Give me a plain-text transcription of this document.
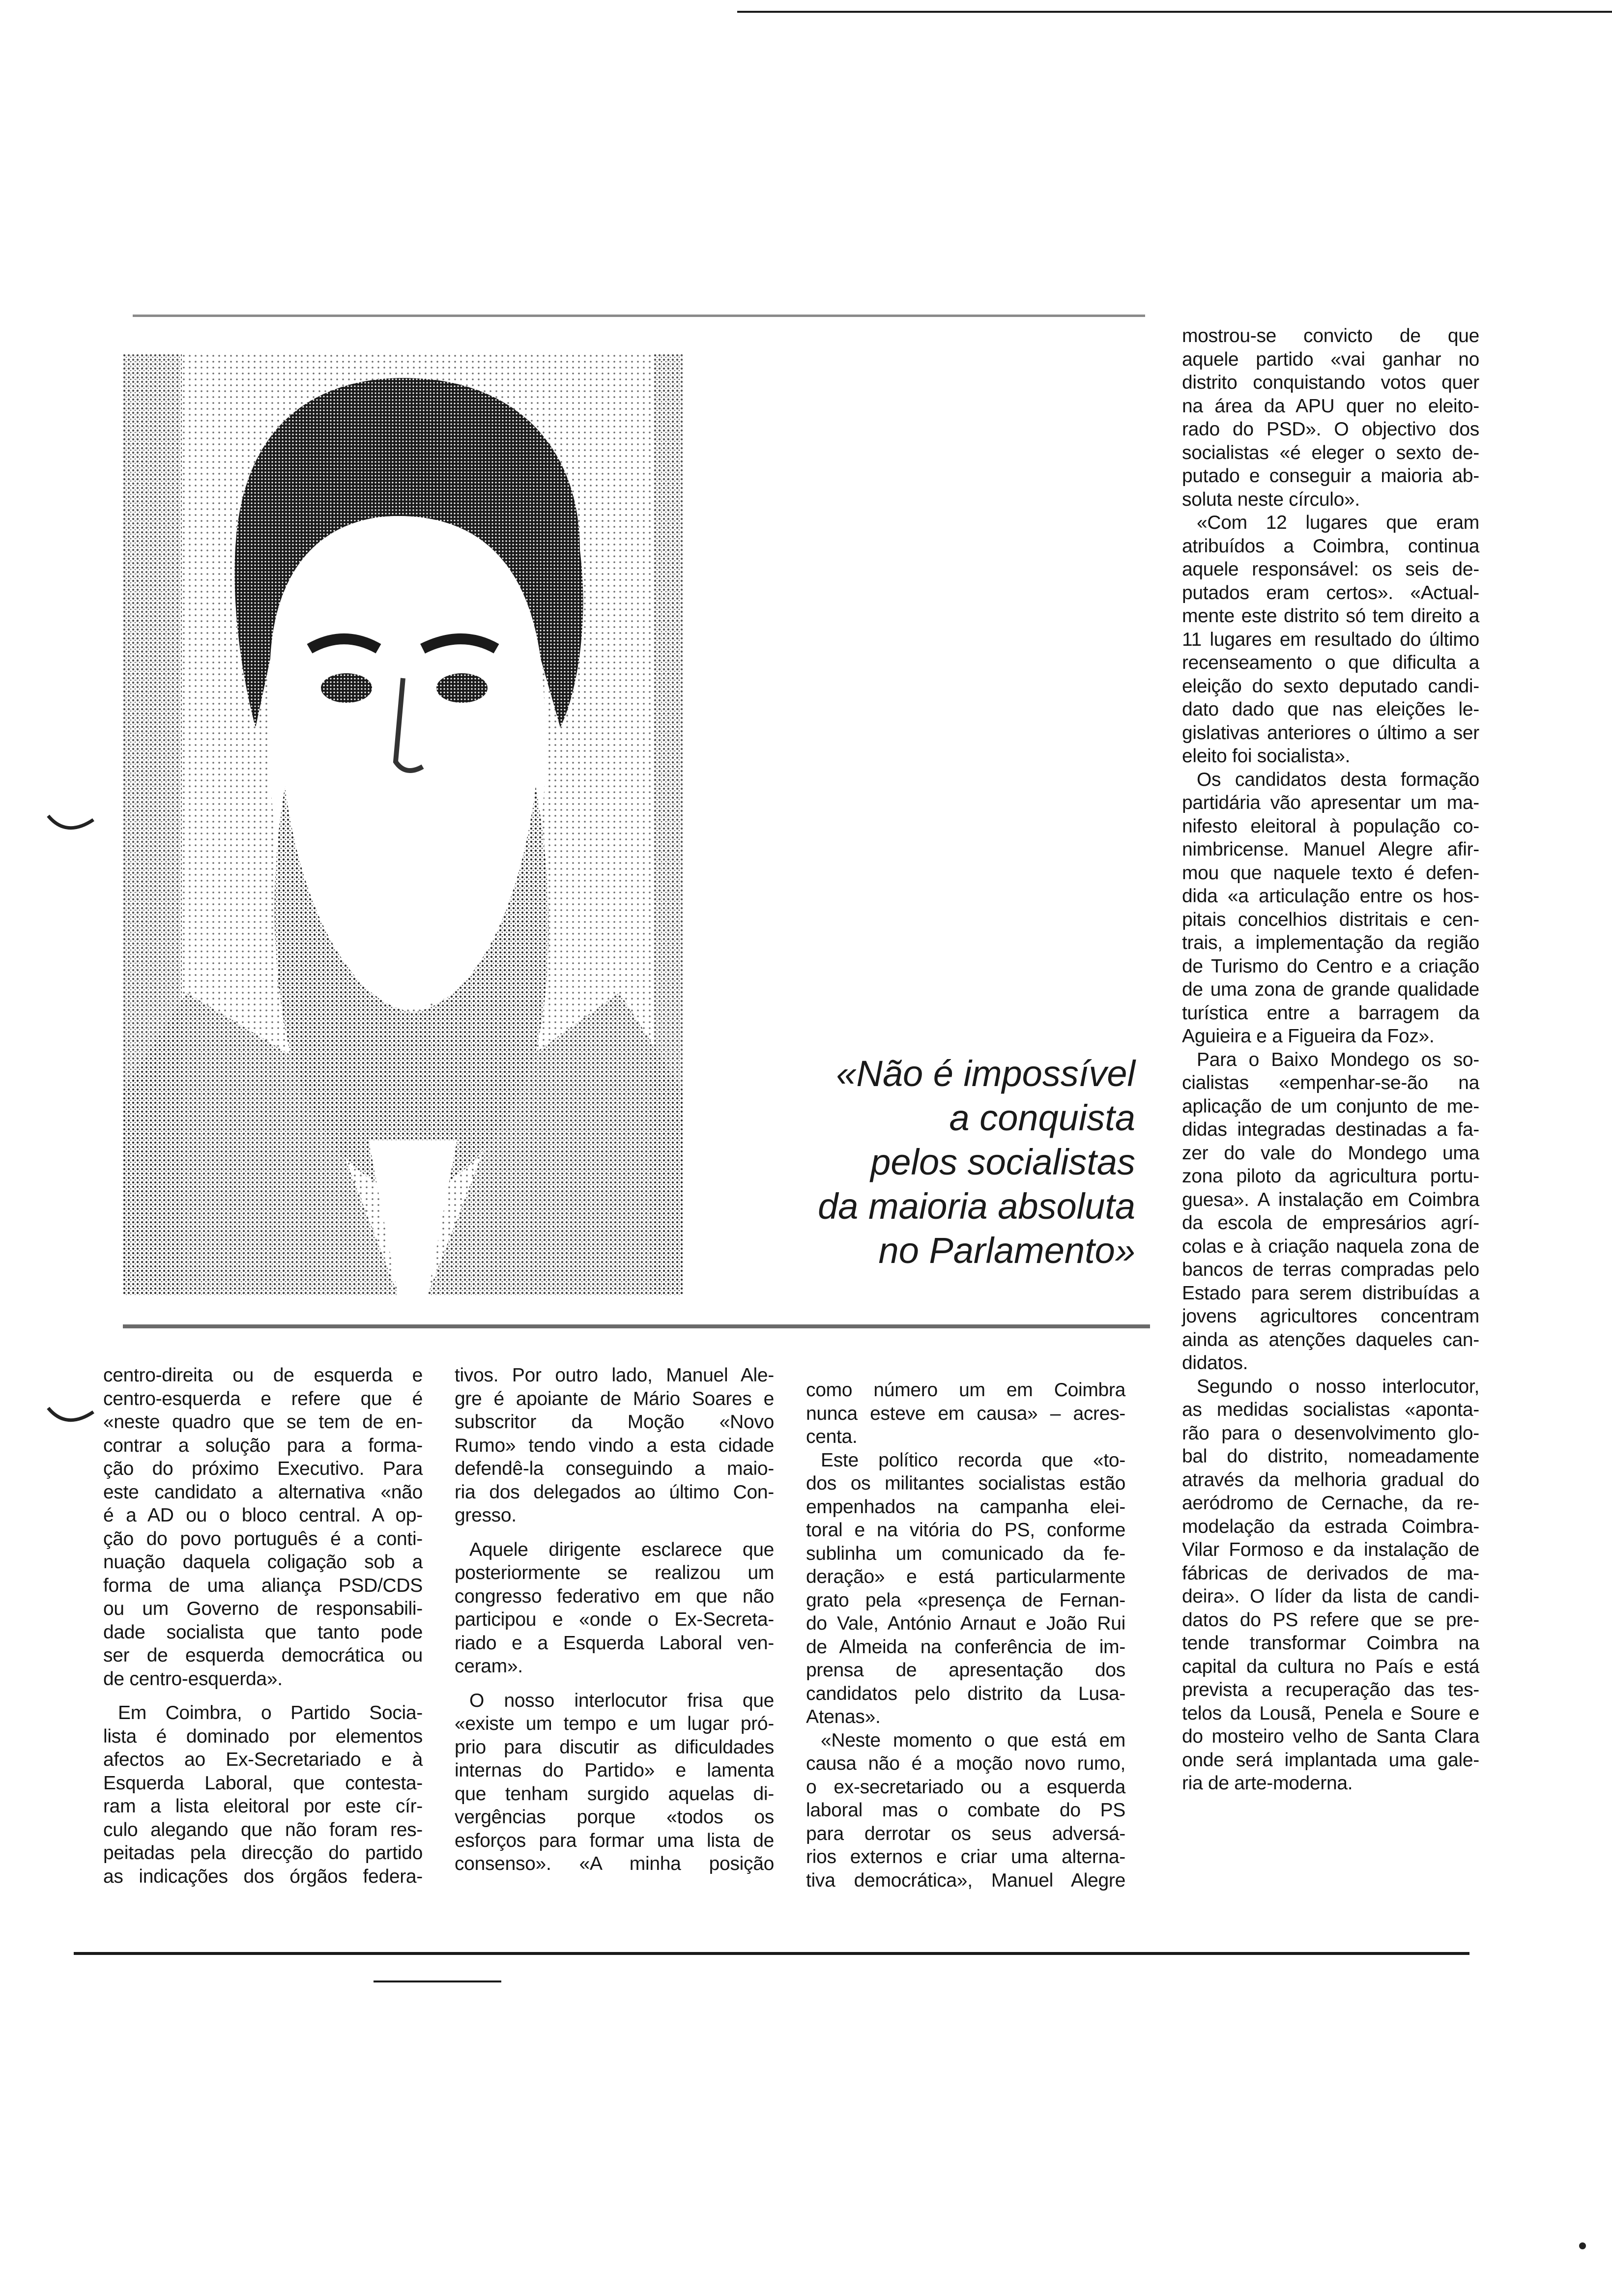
«Não é impossível
a conquista
pelos socialistas
da maioria absoluta
no Parlamento»
mostrou-se convicto de que
aquele partido «vai ganhar no
distrito conquistando votos quer
na área da APU quer no eleito-
rado do PSD». O objectivo dos
socialistas «é eleger o sexto de-
putado e conseguir a maioria ab-
soluta neste círculo».
«Com 12 lugares que eram
atribuídos a Coimbra, continua
aquele responsável: os seis de-
putados eram certos». «Actual-
mente este distrito só tem direito a
11 lugares em resultado do último
recenseamento o que dificulta a
eleição do sexto deputado candi-
dato dado que nas eleições le-
gislativas anteriores o último a ser
eleito foi socialista».
Os candidatos desta formação
partidária vão apresentar um ma-
nifesto eleitoral à população co-
nimbricense. Manuel Alegre afir-
mou que naquele texto é defen-
dida «a articulação entre os hos-
pitais concelhios distritais e cen-
trais, a implementação da região
de Turismo do Centro e a criação
de uma zona de grande qualidade
turística entre a barragem da
Aguieira e a Figueira da Foz».
Para o Baixo Mondego os so-
cialistas «empenhar-se-ão na
aplicação de um conjunto de me-
didas integradas destinadas a fa-
zer do vale do Mondego uma
zona piloto da agricultura portu-
guesa». A instalação em Coimbra
da escola de empresários agrí-
colas e à criação naquela zona de
bancos de terras compradas pelo
Estado para serem distribuídas a
jovens agricultores concentram
ainda as atenções daqueles can-
didatos.
Segundo o nosso interlocutor,
as medidas socialistas «aponta-
rão para o desenvolvimento glo-
bal do distrito, nomeadamente
através da melhoria gradual do
aeródromo de Cernache, da re-
modelação da estrada Coimbra-
Vilar Formoso e da instalação de
fábricas de derivados de ma-
deira». O líder da lista de candi-
datos do PS refere que se pre-
tende transformar Coimbra na
capital da cultura no País e está
prevista a recuperação das tes-
telos da Lousã, Penela e Soure e
do mosteiro velho de Santa Clara
onde será implantada uma gale-
ria de arte-moderna.
centro-direita ou de esquerda e
centro-esquerda e refere que é
«neste quadro que se tem de en-
contrar a solução para a forma-
ção do próximo Executivo. Para
este candidato a alternativa «não
é a AD ou o bloco central. A op-
ção do povo português é a conti-
nuação daquela coligação sob a
forma de uma aliança PSD/CDS
ou um Governo de responsabili-
dade socialista que tanto pode
ser de esquerda democrática ou
de centro-esquerda».
Em Coimbra, o Partido Socia-
lista é dominado por elementos
afectos ao Ex-Secretariado e à
Esquerda Laboral, que contesta-
ram a lista eleitoral por este cír-
culo alegando que não foram res-
peitadas pela direcção do partido
as indicações dos órgãos federa-
tivos. Por outro lado, Manuel Ale-
gre é apoiante de Mário Soares e
subscritor da Moção «Novo
Rumo» tendo vindo a esta cidade
defendê-la conseguindo a maio-
ria dos delegados ao último Con-
gresso.
Aquele dirigente esclarece que
posteriormente se realizou um
congresso federativo em que não
participou e «onde o Ex-Secreta-
riado e a Esquerda Laboral ven-
ceram».
O nosso interlocutor frisa que
«existe um tempo e um lugar pró-
prio para discutir as dificuldades
internas do Partido» e lamenta
que tenham surgido aquelas di-
vergências porque «todos os
esforços para formar uma lista de
consenso». «A minha posição
como número um em Coimbra
nunca esteve em causa» – acres-
centa.
Este político recorda que «to-
dos os militantes socialistas estão
empenhados na campanha elei-
toral e na vitória do PS, conforme
sublinha um comunicado da fe-
deração» e está particularmente
grato pela «presença de Fernan-
do Vale, António Arnaut e João Rui
de Almeida na conferência de im-
prensa de apresentação dos
candidatos pelo distrito da Lusa-
Atenas».
«Neste momento o que está em
causa não é a moção novo rumo,
o ex-secretariado ou a esquerda
laboral mas o combate do PS
para derrotar os seus adversá-
rios externos e criar uma alterna-
tiva democrática», Manuel Alegre
